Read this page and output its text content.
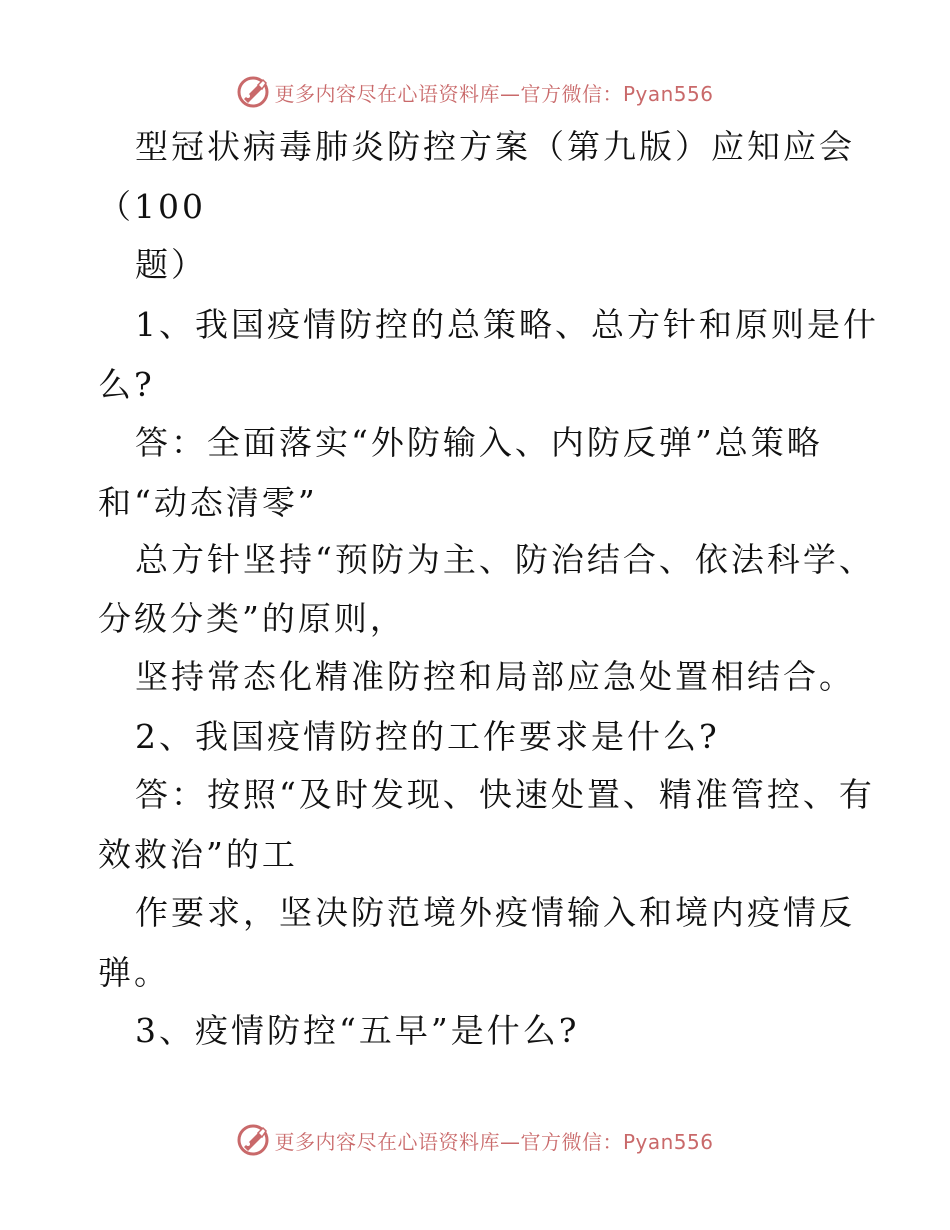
更多内容尽在心语资料库—官方微信：Pyan556
型冠状病毒肺炎防控方案（第九版）应知应会
（100
题）
1、我国疫情防控的总策略、总方针和原则是什
么?
答：全面落实“外防输入、内防反弹”总策略
和“动态清零”
总方针坚持“预防为主、防治结合、依法科学、
分级分类”的原则，
坚持常态化精准防控和局部应急处置相结合。
2、我国疫情防控的工作要求是什么?
答：按照“及时发现、快速处置、精准管控、有
效救治”的工
作要求，坚决防范境外疫情输入和境内疫情反
弹。
3、疫情防控“五早”是什么?
更多内容尽在心语资料库—官方微信：Pyan556
